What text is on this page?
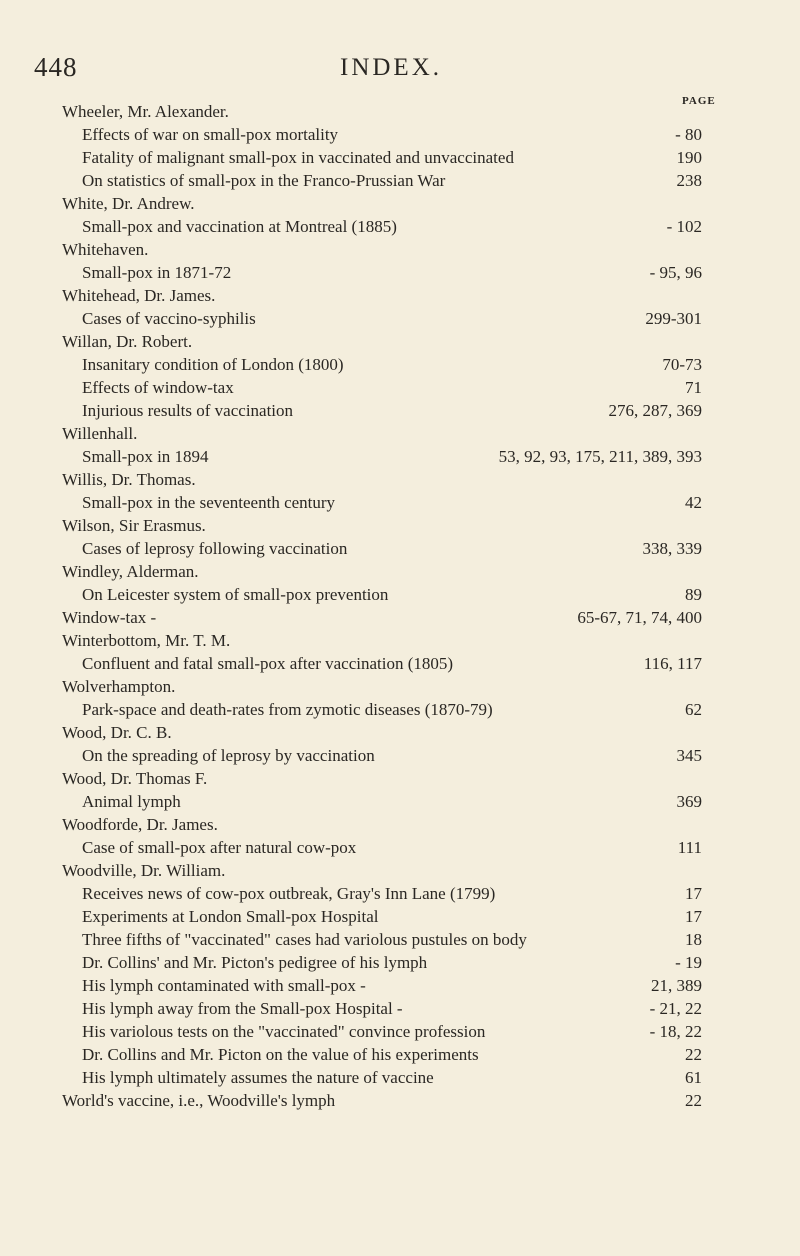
448	INDEX.
PAGE
Wheeler, Mr. Alexander.
Effects of war on small-pox mortality	- 80
Fatality of malignant small-pox in vaccinated and unvaccinated	190
On statistics of small-pox in the Franco-Prussian War	238
White, Dr. Andrew.
Small-pox and vaccination at Montreal (1885)	- 102
Whitehaven.
Small-pox in 1871-72	- 95, 96
Whitehead, Dr. James.
Cases of vaccino-syphilis	299-301
Willan, Dr. Robert.
Insanitary condition of London (1800)	70-73
Effects of window-tax	71
Injurious results of vaccination	276, 287, 369
Willenhall.
Small-pox in 1894	53, 92, 93, 175, 211, 389, 393
Willis, Dr. Thomas.
Small-pox in the seventeenth century	42
Wilson, Sir Erasmus.
Cases of leprosy following vaccination	338, 339
Windley, Alderman.
On Leicester system of small-pox prevention	89
Window-tax -	65-67, 71, 74, 400
Winterbottom, Mr. T. M.
Confluent and fatal small-pox after vaccination (1805)	116, 117
Wolverhampton.
Park-space and death-rates from zymotic diseases (1870-79)	62
Wood, Dr. C. B.
On the spreading of leprosy by vaccination	345
Wood, Dr. Thomas F.
Animal lymph	369
Woodforde, Dr. James.
Case of small-pox after natural cow-pox	111
Woodville, Dr. William.
Receives news of cow-pox outbreak, Gray's Inn Lane (1799)	17
Experiments at London Small-pox Hospital	17
Three fifths of "vaccinated" cases had variolous pustules on body	18
Dr. Collins' and Mr. Picton's pedigree of his lymph	- 19
His lymph contaminated with small-pox -	21, 389
His lymph away from the Small-pox Hospital -	- 21, 22
His variolous tests on the "vaccinated" convince profession	- 18, 22
Dr. Collins and Mr. Picton on the value of his experiments	22
His lymph ultimately assumes the nature of vaccine	61
World's vaccine, i.e., Woodville's lymph	22
